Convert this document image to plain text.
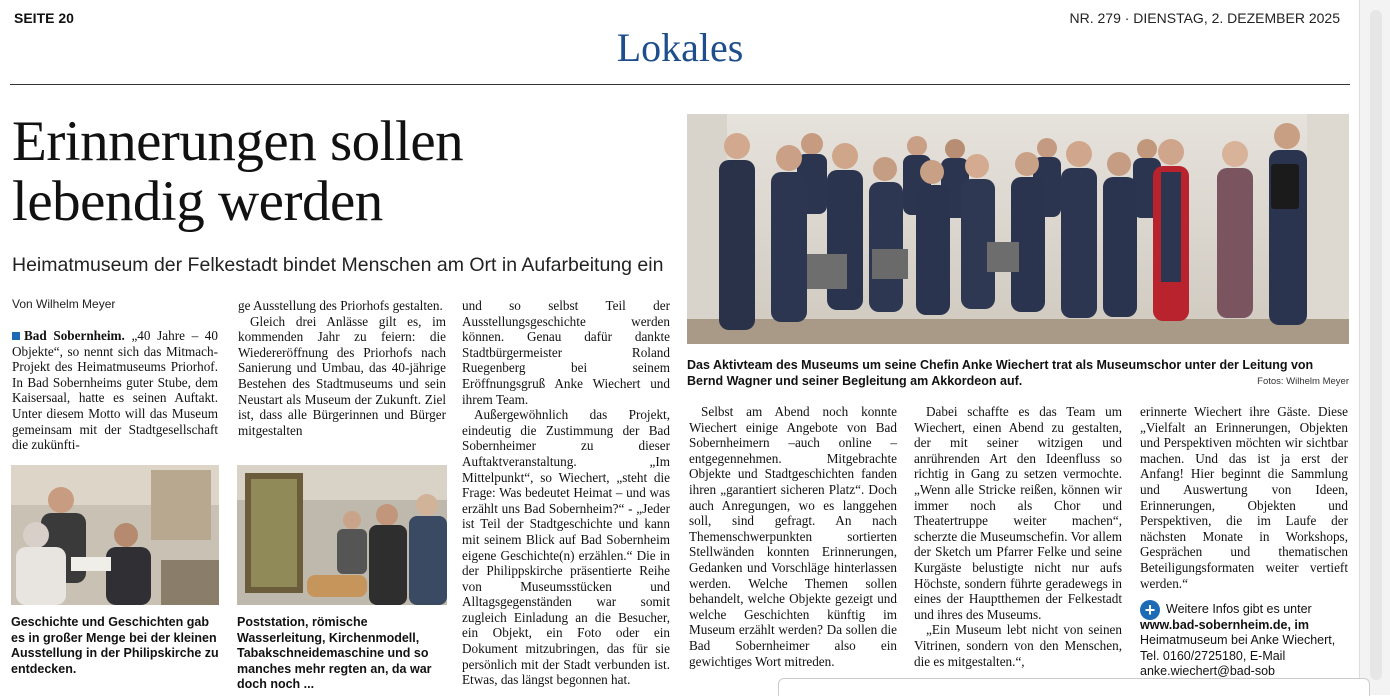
SEITE 20	NR. 279 · DIENSTAG, 2. DEZEMBER 2025
Lokales
Erinnerungen sollen
lebendig werden
Heimatmuseum der Felkestadt bindet Menschen am Ort in Aufarbeitung ein
Von Wilhelm Meyer

Bad Sobernheim. „40 Jahre – 40 Objekte“, so nennt sich das Mitmach-Projekt des Heimatmuseums Priorhof. In Bad Sobernheims guter Stube, dem Kaisersaal, hatte es seinen Auftakt. Unter diesem Motto will das Museum gemeinsam mit der Stadtgesellschaft die zukünfti-

ge Ausstellung des Priorhofs gestalten.

Gleich drei Anlässe gilt es, im kommenden Jahr zu feiern: die Wiedereröffnung des Priorhofs nach Sanierung und Umbau, das 40-jährige Bestehen des Stadtmuseums und sein Neustart als Museum der Zukunft. Ziel ist, dass alle Bürgerinnen und Bürger mitgestalten

Geschichte und Geschichten gab es in großer Menge bei der kleinen Ausstellung in der Philipskirche zu entdecken.
Poststation, römische Wasserleitung, Kirchenmodell, Tabakschneidemaschine und so manches mehr regten an, da war doch noch ...

und so selbst Teil der Ausstellungsgeschichte werden können. Genau dafür dankte Stadtbürgermeister Roland Ruegenberg bei seinem Eröffnungsgruß Anke Wiechert und ihrem Team.

Außergewöhnlich das Projekt, eindeutig die Zustimmung der Bad Sobernheimer zu dieser Auftaktveranstaltung. „Im Mittelpunkt“, so Wiechert, „steht die Frage: Was bedeutet Heimat – und was erzählt uns Bad Sobernheim?“ - „Jeder ist Teil der Stadtgeschichte und kann mit seinem Blick auf Bad Sobernheim eigene Geschichte(n) erzählen.“ Die in der Philippskirche präsentierte Reihe von Museumsstücken und Alltagsgegenständen war somit zugleich Einladung an die Besucher, ein Objekt, ein Foto oder ein Dokument mitzubringen, das für sie persönlich mit der Stadt verbunden ist. Etwas, das längst begonnen hat.

Das Aktivteam des Museums um seine Chefin Anke Wiechert trat als Museumschor unter der Leitung von Bernd Wagner und seiner Begleitung am Akkordeon auf.	Fotos: Wilhelm Meyer

Selbst am Abend noch konnte Wiechert einige Angebote von Bad Sobernheimern –auch online – entgegennehmen. Mitgebrachte Objekte und Stadtgeschichten fanden ihren „garantiert sicheren Platz“. Doch auch Anregungen, wo es langgehen soll, sind gefragt. An nach Themenschwerpunkten sortierten Stellwänden konnten Erinnerungen, Gedanken und Vorschläge hinterlassen werden. Welche Themen sollen behandelt, welche Objekte gezeigt und welche Geschichten künftig im Museum erzählt werden? Da sollen die Bad Sobernheimer also ein gewichtiges Wort mitreden.

Dabei schaffte es das Team um Wiechert, einen Abend zu gestalten, der mit seiner witzigen und anrührenden Art den Ideenfluss so richtig in Gang zu setzen vermochte. „Wenn alle Stricke reißen, können wir immer noch als Chor und Theatertruppe weiter machen“, scherzte die Museumschefin. Vor allem der Sketch um Pfarrer Felke und seine Kurgäste belustigte nicht nur aufs Höchste, sondern führte geradewegs in eines der Hauptthemen der Felkestadt und ihres des Museums.

„Ein Museum lebt nicht von seinen Vitrinen, sondern von den Menschen, die es mitgestalten.“,

erinnerte Wiechert ihre Gäste. Diese „Vielfalt an Erinnerungen, Objekten und Perspektiven möchten wir sichtbar machen. Und das ist ja erst der Anfang! Hier beginnt die Sammlung und Auswertung von Ideen, Erinnerungen, Objekten und Perspektiven, die im Laufe der nächsten Monate in Workshops, Gesprächen und thematischen Beteiligungsformaten weiter vertieft werden.“

+ Weitere Infos gibt es unter
www.bad-sobernheim.de, im
Heimatmuseum bei Anke Wiechert,
Tel. 0160/2725180, E-Mail
anke.wiechert@bad-sob
